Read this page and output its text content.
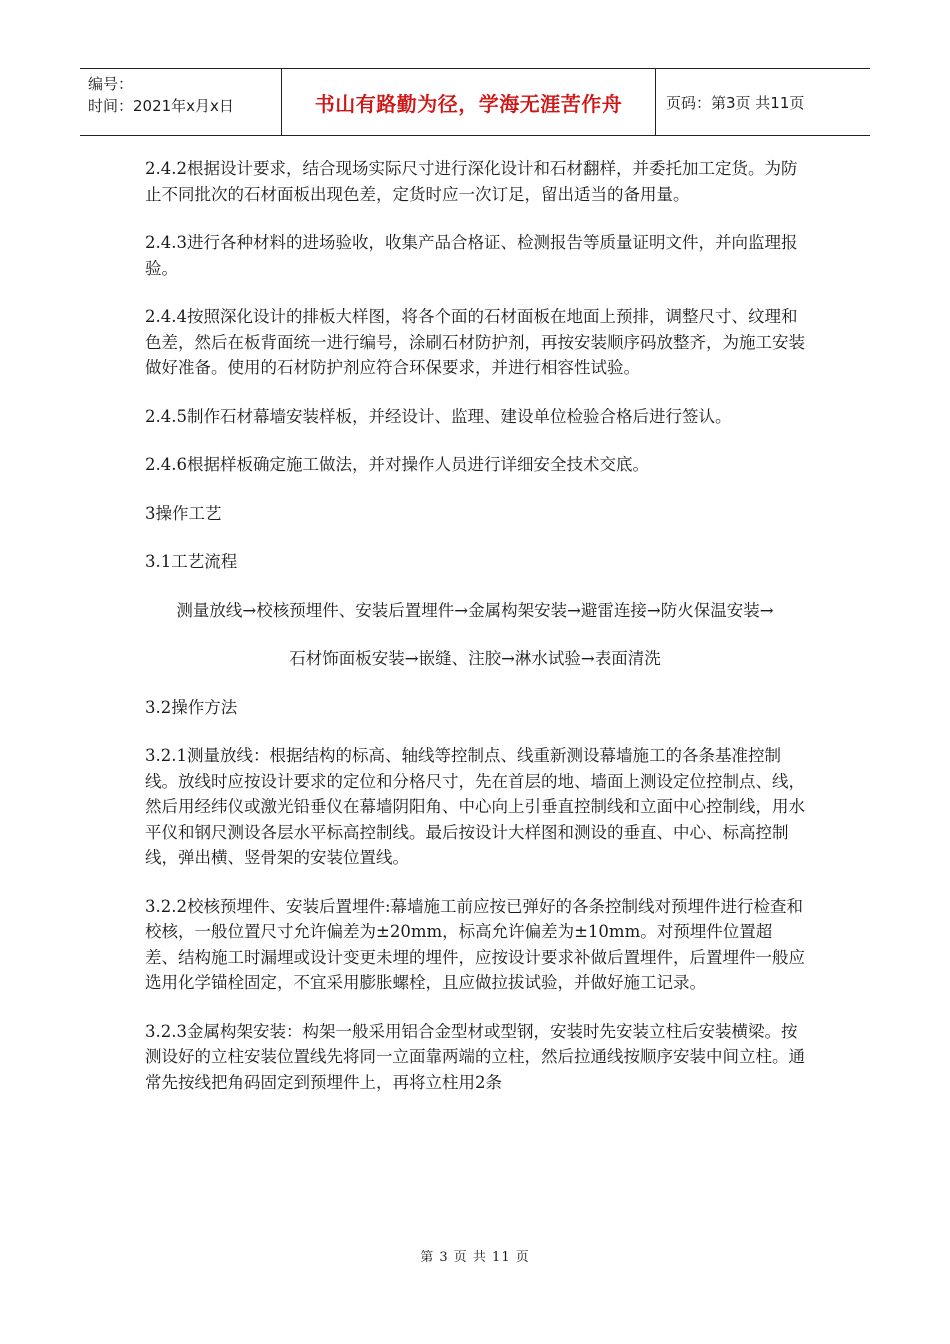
编号：
时间：2021年x月x日	书山有路勤为径，学海无涯苦作舟	页码：第3页 共11页

2.4.2根据设计要求，结合现场实际尺寸进行深化设计和石材翻样，并委托加工定货。为防止不同批次的石材面板出现色差，定货时应一次订足，留出适当的备用量。

2.4.3进行各种材料的进场验收，收集产品合格证、检测报告等质量证明文件，并向监理报验。

2.4.4按照深化设计的排板大样图，将各个面的石材面板在地面上预排，调整尺寸、纹理和色差，然后在板背面统一进行编号，涂刷石材防护剂，再按安装顺序码放整齐，为施工安装做好准备。使用的石材防护剂应符合环保要求，并进行相容性试验。

2.4.5制作石材幕墙安装样板，并经设计、监理、建设单位检验合格后进行签认。

2.4.6根据样板确定施工做法，并对操作人员进行详细安全技术交底。

3操作工艺

3.1工艺流程

测量放线→校核预埋件、安装后置埋件→金属构架安装→避雷连接→防火保温安装→

石材饰面板安装→嵌缝、注胶→淋水试验→表面清洗

3.2操作方法

3.2.1测量放线：根据结构的标高、轴线等控制点、线重新测设幕墙施工的各条基准控制线。放线时应按设计要求的定位和分格尺寸，先在首层的地、墙面上测设定位控制点、线，然后用经纬仪或激光铅垂仪在幕墙阴阳角、中心向上引垂直控制线和立面中心控制线，用水平仪和钢尺测设各层水平标高控制线。最后按设计大样图和测设的垂直、中心、标高控制线，弹出横、竖骨架的安装位置线。

3.2.2校核预埋件、安装后置埋件:幕墙施工前应按已弹好的各条控制线对预埋件进行检查和校核，一般位置尺寸允许偏差为±20mm，标高允许偏差为±10mm。对预埋件位置超差、结构施工时漏埋或设计变更未埋的埋件，应按设计要求补做后置埋件，后置埋件一般应选用化学锚栓固定，不宜采用膨胀螺栓，且应做拉拔试验，并做好施工记录。

3.2.3金属构架安装：构架一般采用铝合金型材或型钢，安装时先安装立柱后安装横梁。按测设好的立柱安装位置线先将同一立面靠两端的立柱，然后拉通线按顺序安装中间立柱。通常先按线把角码固定到预埋件上，再将立柱用2条

第 3 页 共 11 页
